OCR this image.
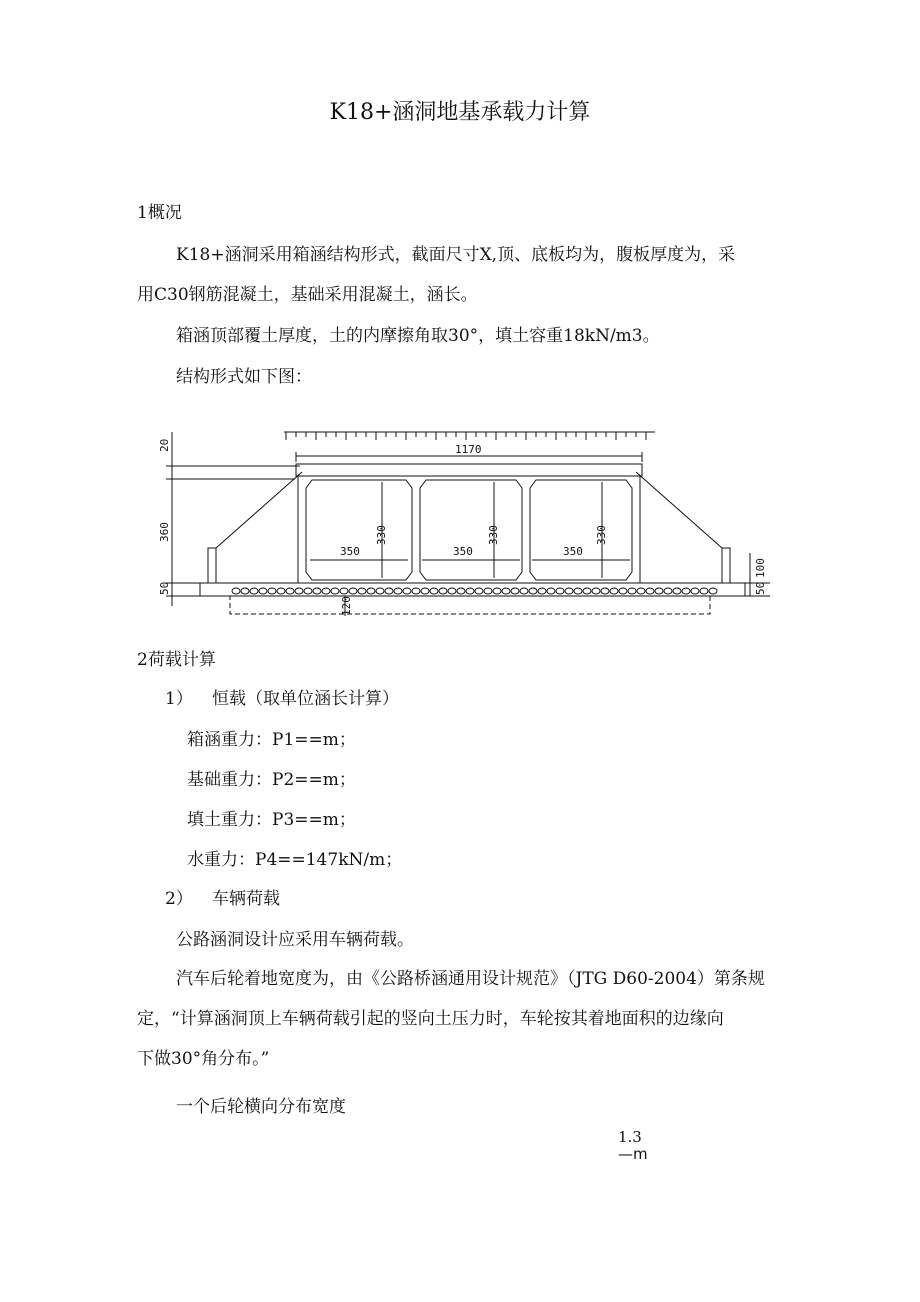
K18+涵洞地基承载力计算
1概况
K18+涵洞采用箱涵结构形式，截面尺寸X,顶、底板均为，腹板厚度为，采
用C30钢筋混凝土，基础采用混凝土，涵长。
箱涵顶部覆土厚度，土的内摩擦角取30°，填土容重18kN/m3。
结构形式如下图：
1170
350	350	350
330	330	330
20
360
50	50
100
120
2荷载计算
1） 恒载（取单位涵长计算）
箱涵重力：P1==m；
基础重力：P2==m；
填土重力：P3==m；
水重力：P4==147kN/m；
2） 车辆荷载
公路涵洞设计应采用车辆荷载。
汽车后轮着地宽度为，由《公路桥涵通用设计规范》（JTG D60-2004）第条规
定，“计算涵洞顶上车辆荷载引起的竖向土压力时，车轮按其着地面积的边缘向
下做30°角分布。”
一个后轮横向分布宽度
1.3
—m
